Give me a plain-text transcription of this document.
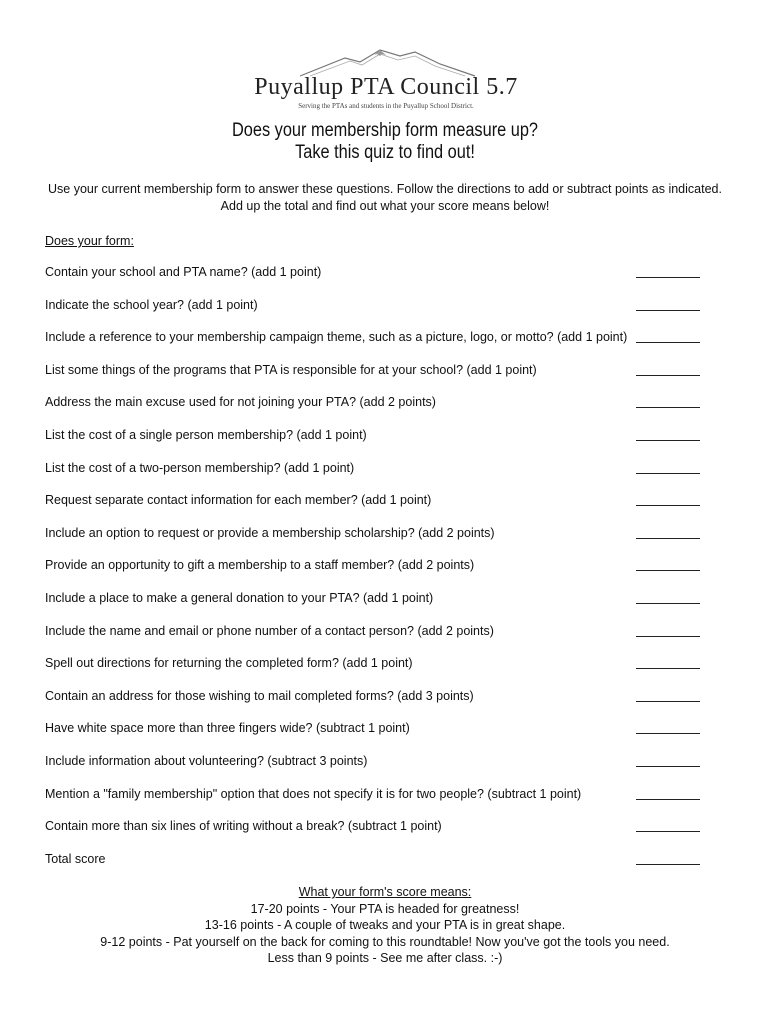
Puyallup PTA Council 5.7
Serving the PTAs and students in the Puyallup School District.
Does your membership form measure up?
Take this quiz to find out!
Use your current membership form to answer these questions. Follow the directions to add or subtract points as indicated. Add up the total and find out what your score means below!
Does your form:
Contain your school and PTA name? (add 1 point)
Indicate the school year? (add 1 point)
Include a reference to your membership campaign theme, such as a picture, logo, or motto? (add 1 point)
List some things of the programs that PTA is responsible for at your school? (add 1 point)
Address the main excuse used for not joining your PTA? (add 2 points)
List the cost of a single person membership? (add 1 point)
List the cost of a two-person membership? (add 1 point)
Request separate contact information for each member? (add 1 point)
Include an option to request or provide a membership scholarship? (add 2 points)
Provide an opportunity to gift a membership to a staff member? (add 2 points)
Include a place to make a general donation to your PTA? (add 1 point)
Include the name and email or phone number of a contact person? (add 2 points)
Spell out directions for returning the completed form? (add 1 point)
Contain an address for those wishing to mail completed forms? (add 3 points)
Have white space more than three fingers wide? (subtract 1 point)
Include information about volunteering? (subtract 3 points)
Mention a "family membership" option that does not specify it is for two people? (subtract 1 point)
Contain more than six lines of writing without a break? (subtract 1 point)
Total score
What your form's score means:
17-20 points - Your PTA is headed for greatness!
13-16 points - A couple of tweaks and your PTA is in great shape.
9-12 points - Pat yourself on the back for coming to this roundtable! Now you've got the tools you need.
Less than 9 points - See me after class. :-)
